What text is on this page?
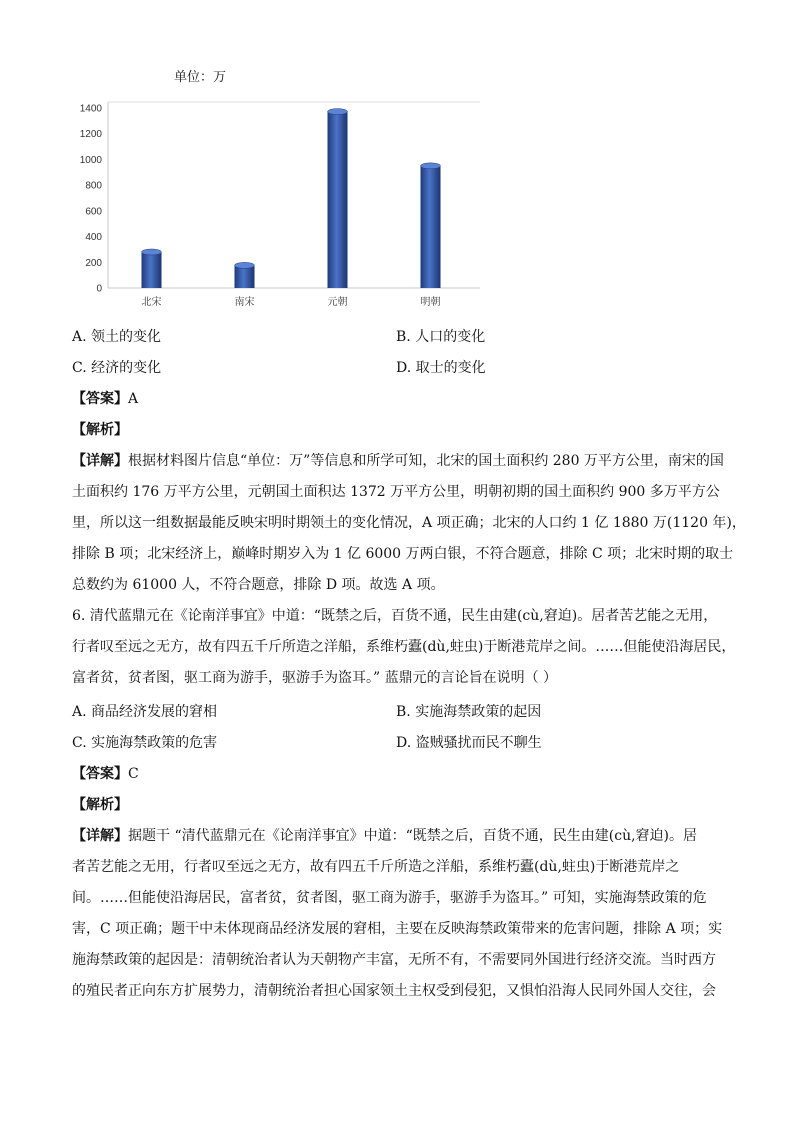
单位：万
0
200
400
600
800
1000
1200
1400
北宋	南宋	元朝	明朝
A. 领土的变化	B. 人口的变化
C. 经济的变化	D. 取士的变化
【答案】A
【解析】
【详解】根据材料图片信息“单位：万”等信息和所学可知，北宋的国土面积约 280 万平方公里，南宋的国
土面积约 176 万平方公里，元朝国土面积达 1372 万平方公里，明朝初期的国土面积约 900 多万平方公
里，所以这一组数据最能反映宋明时期领土的变化情况，A 项正确；北宋的人口约 1 亿 1880 万(1120 年)，
排除 B 项；北宋经济上，巅峰时期岁入为 1 亿 6000 万两白银，不符合题意，排除 C 项；北宋时期的取士
总数约为 61000 人，不符合题意，排除 D 项。故选 A 项。
6. 清代蓝鼎元在《论南洋事宜》中道：“既禁之后，百货不通，民生由建(cù,窘迫)。居者苦艺能之无用，
行者叹至远之无方，故有四五千斤所造之洋船，系维朽蠹(dù,蛀虫)于断港荒岸之间。……但能使沿海居民，
富者贫，贫者图，驱工商为游手，驱游手为盗耳。” 蓝鼎元的言论旨在说明（ ）
A. 商品经济发展的窘相	B. 实施海禁政策的起因
C. 实施海禁政策的危害	D. 盗贼骚扰而民不聊生
【答案】C
【解析】
【详解】据题干 “清代蓝鼎元在《论南洋事宜》中道：“既禁之后，百货不通，民生由建(cù,窘迫)。居
者苦艺能之无用，行者叹至远之无方，故有四五千斤所造之洋船，系维朽蠹(dù,蛀虫)于断港荒岸之
间。……但能使沿海居民，富者贫，贫者图，驱工商为游手，驱游手为盗耳。” 可知，实施海禁政策的危
害，C 项正确；题干中未体现商品经济发展的窘相，主要在反映海禁政策带来的危害问题，排除 A 项；实
施海禁政策的起因是：清朝统治者认为天朝物产丰富，无所不有，不需要同外国进行经济交流。当时西方
的殖民者正向东方扩展势力，清朝统治者担心国家领土主权受到侵犯，又惧怕沿海人民同外国人交往，会
